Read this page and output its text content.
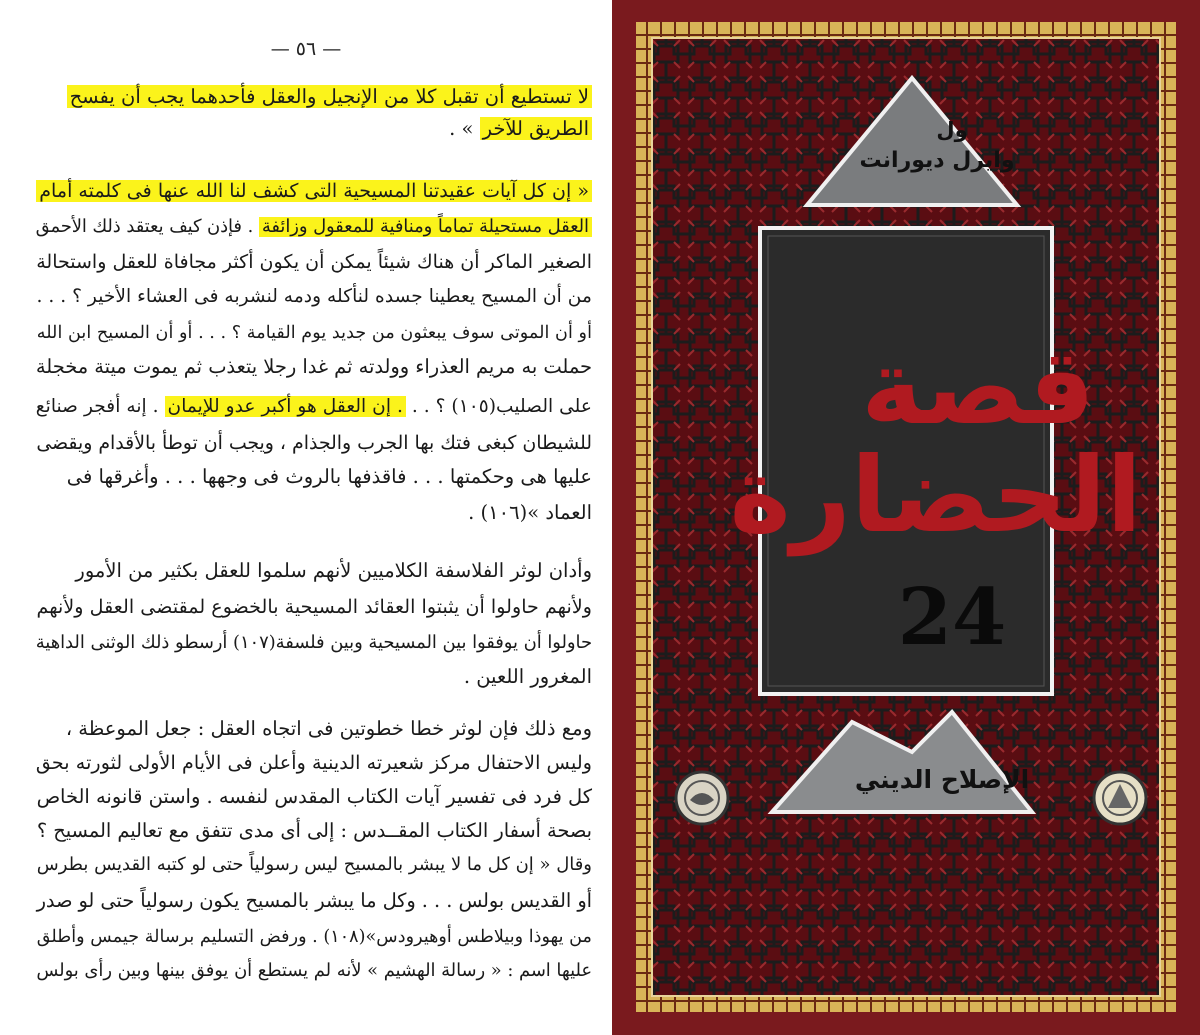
— ٥٦ —
لا تستطيع أن تقبل كلا من الإنجيل والعقل فأحدهما يجب أن يفسح
الطريق للآخر » .
« إن كل آيات عقيدتنا المسيحية التى كشف لنا الله عنها فى كلمته أمام
العقل مستحيلة تماماً ومنافية للمعقول وزائفة . فإذن كيف يعتقد ذلك الأحمق
الصغير الماكر أن هناك شيئاً يمكن أن يكون أكثر مجافاة للعقل واستحالة
من أن المسيح يعطينا جسده لنأكله ودمه لنشربه فى العشاء الأخير ؟ . . .
أو أن الموتى سوف يبعثون من جديد يوم القيامة ؟ . . . أو أن المسيح ابن الله
حملت به مريم العذراء وولدته ثم غدا رجلا يتعذب ثم يموت ميتة مخجلة
على الصليب(١٠٥) ؟ . . . إن العقل هو أكبر عدو للإيمان . إنه أفجر صنائع
للشيطان كبغى فتك بها الجرب والجذام ، ويجب أن توطأ بالأقدام ويقضى
عليها هى وحكمتها . . . فاقذفها بالروث فى وجهها . . . وأغرقها فى
العماد »(١٠٦) .
وأدان لوثر الفلاسفة الكلاميين لأنهم سلموا للعقل بكثير من الأمور
ولأنهم حاولوا أن يثبتوا العقائد المسيحية بالخضوع لمقتضى العقل ولأنهم
حاولوا أن يوفقوا بين المسيحية وبين فلسفة(١٠٧) أرسطو ذلك الوثنى الداهية
المغرور اللعين .
ومع ذلك فإن لوثر خطا خطوتين فى اتجاه العقل : جعل الموعظة ،
وليس الاحتفال مركز شعيرته الدينية وأعلن فى الأيام الأولى لثورته بحق
كل فرد فى تفسير آيات الكتاب المقدس لنفسه . واستن قانونه الخاص
بصحة أسفار الكتاب المقــدس : إلى أى مدى تتفق مع تعاليم المسيح ؟
وقال « إن كل ما لا يبشر بالمسيح ليس رسولياً حتى لو كتبه القديس بطرس
أو القديس بولس . . . وكل ما يبشر بالمسيح يكون رسولياً حتى لو صدر
من يهوذا وبيلاطس أوهيرودس»(١٠٨) . ورفض التسليم برسالة جيمس وأطلق
عليها اسم : « رسالة الهشيم » لأنه لم يستطع أن يوفق بينها وبين رأى بولس
ول
وايرل ديورانت
قصة
الحضارة
24
الإصلاح الديني
